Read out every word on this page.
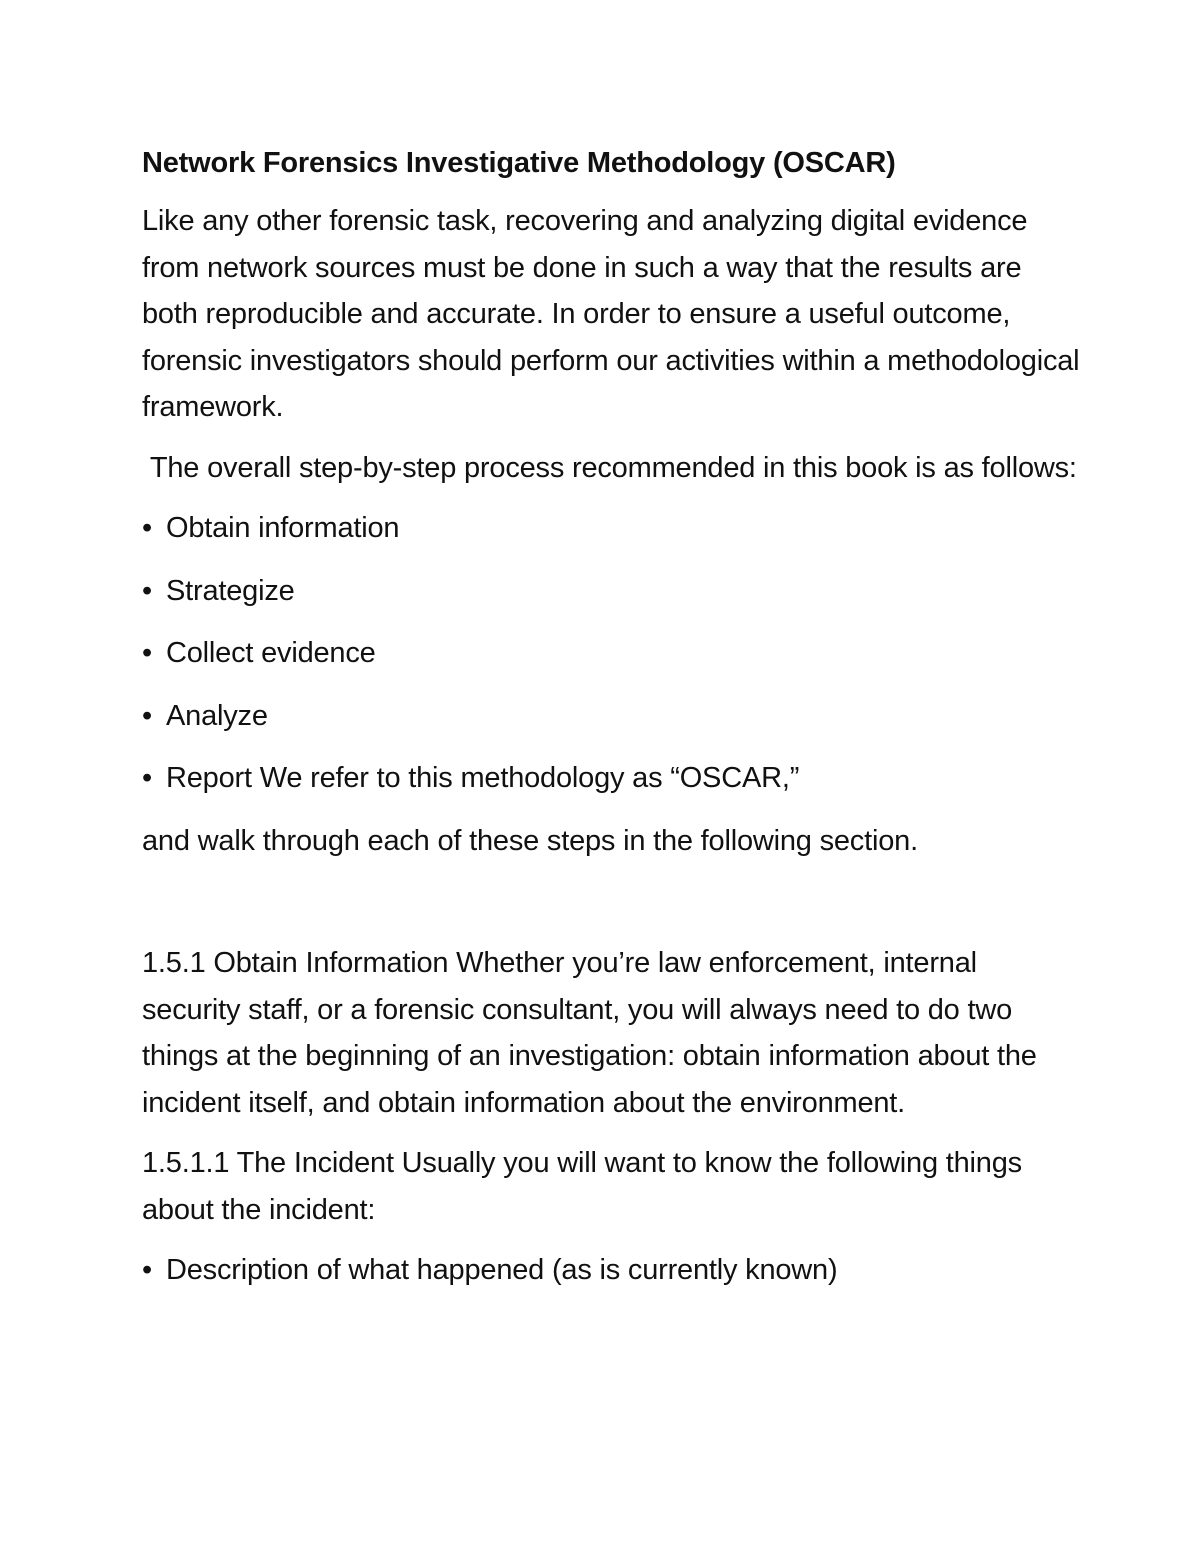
Network Forensics Investigative Methodology (OSCAR)

Like any other forensic task, recovering and analyzing digital evidence from network sources must be done in such a way that the results are both reproducible and accurate. In order to ensure a useful outcome, forensic investigators should perform our activities within a methodological framework.

The overall step-by-step process recommended in this book is as follows:

• Obtain information

• Strategize

• Collect evidence

• Analyze

• Report We refer to this methodology as “OSCAR,”

and walk through each of these steps in the following section.

1.5.1 Obtain Information Whether you’re law enforcement, internal security staff, or a forensic consultant, you will always need to do two things at the beginning of an investigation: obtain information about the incident itself, and obtain information about the environment.

1.5.1.1 The Incident Usually you will want to know the following things about the incident:

• Description of what happened (as is currently known)
